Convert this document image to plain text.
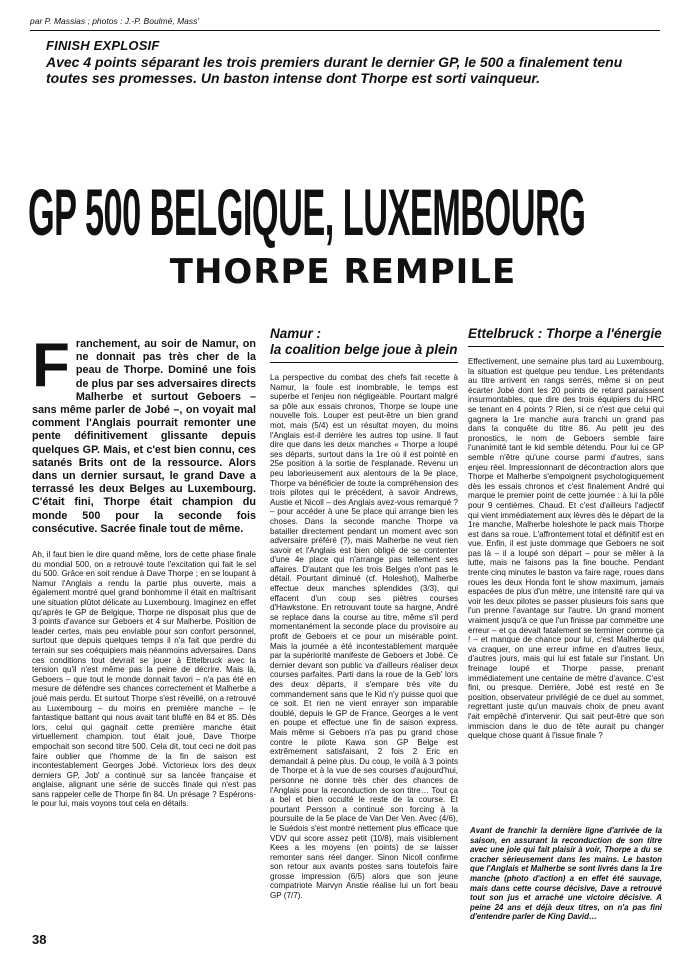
par P. Massias ; photos : J.-P. Boulmé, Mass'
FINISH EXPLOSIF
Avec 4 points séparant les trois premiers durant le dernier GP, le 500 a finalement tenu toutes ses promesses. Un baston intense dont Thorpe est sorti vainqueur.
GP 500 BELGIQUE, LUXEMBOURG
THORPE REMPILE
Franchement, au soir de Namur, on ne donnait pas très cher de la peau de Thorpe. Dominé une fois de plus par ses adversaires directs Malherbe et surtout Geboers – sans même parler de Jobé –, on voyait mal comment l'Anglais pourrait remonter une pente définitivement glissante depuis quelques GP. Mais, et c'est bien connu, ces satanés Brits ont de la ressource. Alors dans un dernier sursaut, le grand Dave a terrassé les deux Belges au Luxembourg. C'était fini, Thorpe était champion du monde 500 pour la seconde fois consécutive. Sacrée finale tout de même.

Ah, il faut bien le dire quand même, lors de cette phase finale du mondial 500, on a retrouvé toute l'excitation qui fait le sel du 500. Grâce en soit rendue à Dave Thorpe ; en se loupant à Namur l'Anglais a rendu la partie plus ouverte, mais a également montré quel grand bonhomme il était en maîtrisant une situation plûtot délicate au Luxembourg. Imaginez en effet qu'après le GP de Belgique, Thorpe ne disposait plus que de 3 points d'avance sur Geboers et 4 sur Malherbe. Position de leader certes, mais peu enviable pour son confort personnel, surtout que depuis quelques temps il n'a fait que perdre du terrain sur ses coéquipiers mais néanmoins adversaires. Dans ces conditions tout devrait se jouer à Ettelbruck avec la tension qu'il n'est même pas la peine de décrire. Mais là, Geboers – que tout le monde donnait favori – n'a pas été en mesure de défendre ses chances correctement et Malherbe a joué mais perdu. Et surtout Thorpe s'est réveillé, on a retrouvé au Luxembourg – du moins en première manche – le fantastique battant qui nous avait tant bluffé en 84 et 85. Dès lors, celui qui gagnait cette première manche était virtuellement champion. tout était joué, Dave Thorpe empochait son second titre 500. Cela dit, tout ceci ne doit pas faire oublier que l'homme de la fin de saison est incontestablement Georges Jobé. Victorieux lors des deux derniers GP, Job' a continué sur sa lancée française et anglaise, alignant une série de succès finale qui n'est pas sans rappeler celle de Thorpe fin 84. Un présage ? Espérons-le pour lui, mais voyons tout cela en détails.

Namur :
la coalition belge joue à plein

La perspective du combat des chefs fait recette à Namur, la foule est inombrable, le temps est superbe et l'enjeu non négligeable. Pourtant malgré sa pôle aux essais chronos, Thorpe se loupe une nouvelle fois. Louper est peut-être un bien grand mot, mais (5/4) est un résultat moyen, du moins l'Anglais est-il derrière les autres top usine. Il faut dire que dans les deux manches « Thorpe a loupé ses départs, surtout dans la 1re où il est pointé en 25e position à la sortie de l'esplanade. Revenu un peu laborieusement aux alentours de la 9e place, Thorpe va bénéficier de toute la compréhension des trois pilotes qui le précèdent, à savoir Andrews, Austie et Nicoll – des Anglais avez-vous remarqué ? – pour accéder à une 5e place qui arrange bien les choses. Dans la seconde manche Thorpe va batailler directement pendant un moment avec son adversaire préféré (?), mais Malherbe ne veut rien savoir et l'Anglais est bien obligé de se contenter d'une 4e place qui n'arrange pas tellement ses affaires. D'autant que les trois Belges n'ont pas le détail. Pourtant diminué (cf. Holeshot), Malherbe effectue deux manches splendides (3/3), qui effacent d'un coup ses piètres courses d'Hawkstone. En retrouvant toute sa hargne, André se replace dans la course au titre, même s'il perd momentanément la seconde place du provisoire au profit de Geboers et ce pour un misérable point. Mais la journée a été incontestablement marquée par la supériorité manifeste de Geboers et Jobé. Ce dernier devant son public va d'ailleurs réaliser deux courses parfaites. Parti dans la roue de la Geb' lors des deux départs, il s'empare très vite du commandement sans que le Kid n'y puisse quoi que ce soit. Et rien ne vient enrayer son imparable doublé, depuis le GP de France, Georges a le vent en poupe et effectue une fin de saison express. Mais même si Geboers n'a pas pu grand chose contre le pilote Kawa son GP Belge est extrêmement satisfaisant, 2 fois 2 Eric en demandait à peine plus. Du coup, le voilà à 3 points de Thorpe et à la vue de ses courses d'aujourd'hui, personne ne donne très cher des chances de l'Anglais pour la reconduction de son titre… Tout ça a bel et bien occulté le reste de la course. Et pourtant Persson a continué son forcing à la poursuite de la 5e place de Van Der Ven. Avec (4/6), le Suédois s'est montré nettement plus efficace que VDV qui score assez petit (10/8), mais visiblement Kees a les moyens (en points) de se laisser remonter sans réel danger. Sinon Nicoll confirme son retour aux avants postes sans toutefois faire grosse impression (6/5) alors que son jeune compatriote Marvyn Anstie réalise lui un fort beau GP (7/7).

Ettelbruck : Thorpe a l'énergie

Effectivement, une semaine plus tard au Luxembourg, la situation est quelque peu tendue. Les prétendants au titre arrivent en rangs serrés, même si on peut écarter Jobé dont les 20 points de retard paraissent insurmontables, que dire des trois équipiers du HRC se tenant en 4 points ? Rien, si ce n'est que celui qui gagnera la 1re manche aura franchi un grand pas dans la conquête du titre 86. Au petit jeu des pronostics, le nom de Geboers semble faire l'unanimité tant le kid semble détendu. Pour lui ce GP semble n'être qu'une course parmi d'autres, sans enjeu réel. Impressionnant de décontraction alors que Thorpe et Malherbe s'empoignent psychologiquement dès les essais chronos et c'est finalement André qui marque le premier point de cette journée : à lui la pôle pour 9 centièmes. Chaud. Et c'est d'ailleurs l'adjectif qui vient immédiatement aux lèvres dès le départ de la 1re manche, Malherbe holeshote le pack mais Thorpe est dans sa roue. L'affrontement total et définitif est en vue. Enfin, il est juste dommage que Geboers ne soit pas là – il a loupé son départ – pour se mêler à la lutte, mais ne faisons pas la fine bouche. Pendant trente cinq minutes le baston va faire rage, roues dans roues les deux Honda font le show maximum, jamais espacées de plus d'un mètre, une intensité rare qui va voir les deux pilotes se passer plusieurs fois sans que l'un prenne l'avantage sur l'autre. Un grand moment vraiment jusqu'à ce que l'un finisse par commettre une erreur – et ça devait fatalement se terminer comme ça ! – et manque de chance pour lui, c'est Malherbe qui va craquer, on une erreur infime en d'autres lieux, d'autres jours, mais qui lui est fatale sur l'instant. Un freinage loupé et Thorpe passe, prenant immédiatement une centaine de mètre d'avance. C'est fini, ou presque. Derrière, Jobé est resté en 3e position, observateur privilégié de ce duel au sommet, regrettant juste qu'un mauvais choix de pneu avant l'ait empêché d'intervenir. Qui sait peut-être que son immiscion dans le duo de tête aurait pu changer quelque chose quant à l'issue finale ?

Avant de franchir la dernière ligne d'arrivée de la saison, en assurant la reconduction de son titre avec une joie qui fait plaisir à voir, Thorpe a du se cracher sérieusement dans les mains. Le baston que l'Anglais et Malherbe se sont livrés dans la 1re manche (photo d'action) a en effet été sauvage, mais dans cette course décisive, Dave a retrouvé tout son jus et arraché une victoire décisive. A peine 24 ans et déjà deux titres, on n'a pas fini d'entendre parler de King David…
38
